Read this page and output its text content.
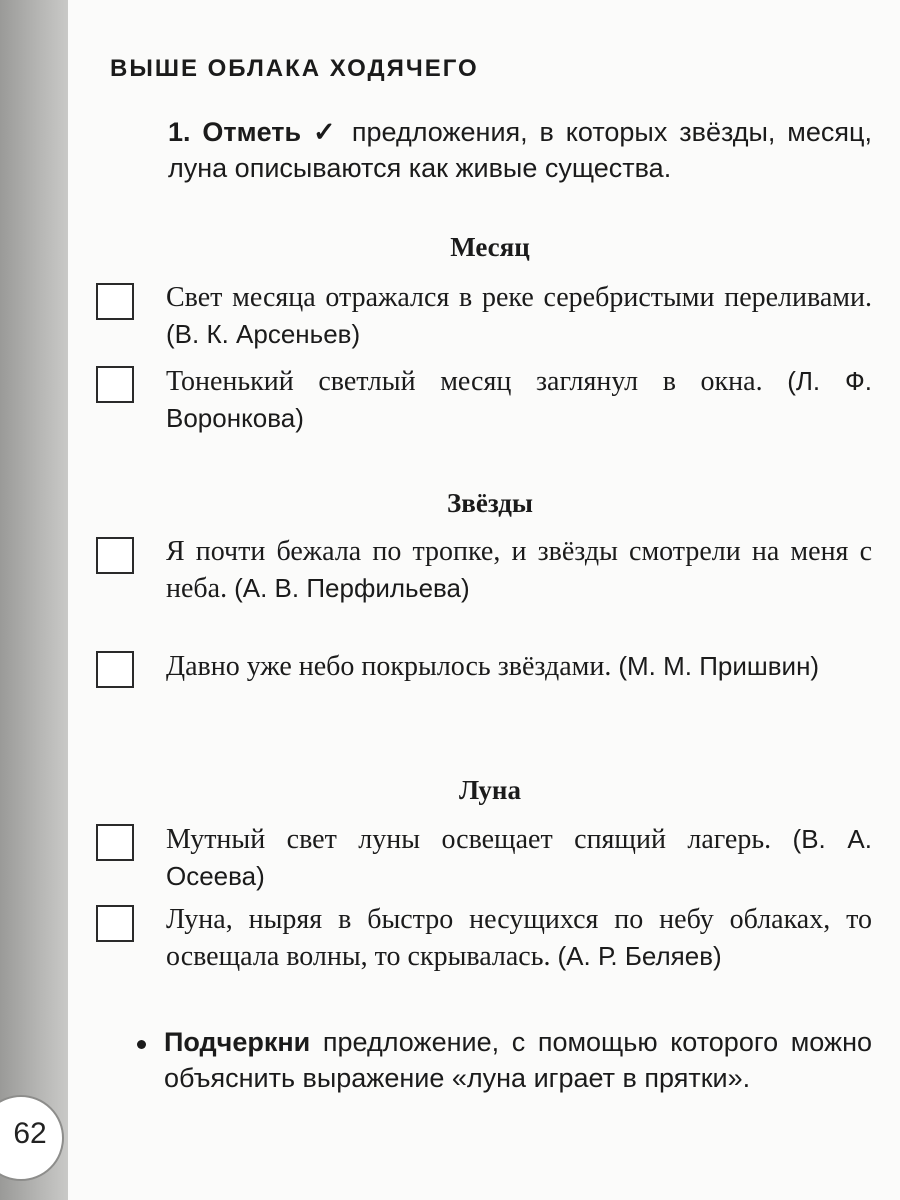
62
ВЫШЕ ОБЛАКА ХОДЯЧЕГО
1. Отметь ✓ предложения, в которых звёзды, месяц, луна описываются как живые существа.
Месяц
Свет месяца отражался в реке серебристыми переливами. (В. К. Арсеньев)
Тоненький светлый месяц заглянул в окна. (Л. Ф. Воронкова)
Звёзды
Я почти бежала по тропке, и звёзды смотрели на меня с неба. (А. В. Перфильева)
Давно уже небо покрылось звёздами. (М. М. Пришвин)
Луна
Мутный свет луны освещает спящий лагерь. (В. А. Осеева)
Луна, ныряя в быстро несущихся по небу облаках, то освещала волны, то скрывалась. (А. Р. Беляев)
Подчеркни предложение, с помощью которого можно объяснить выражение «луна играет в прятки».
